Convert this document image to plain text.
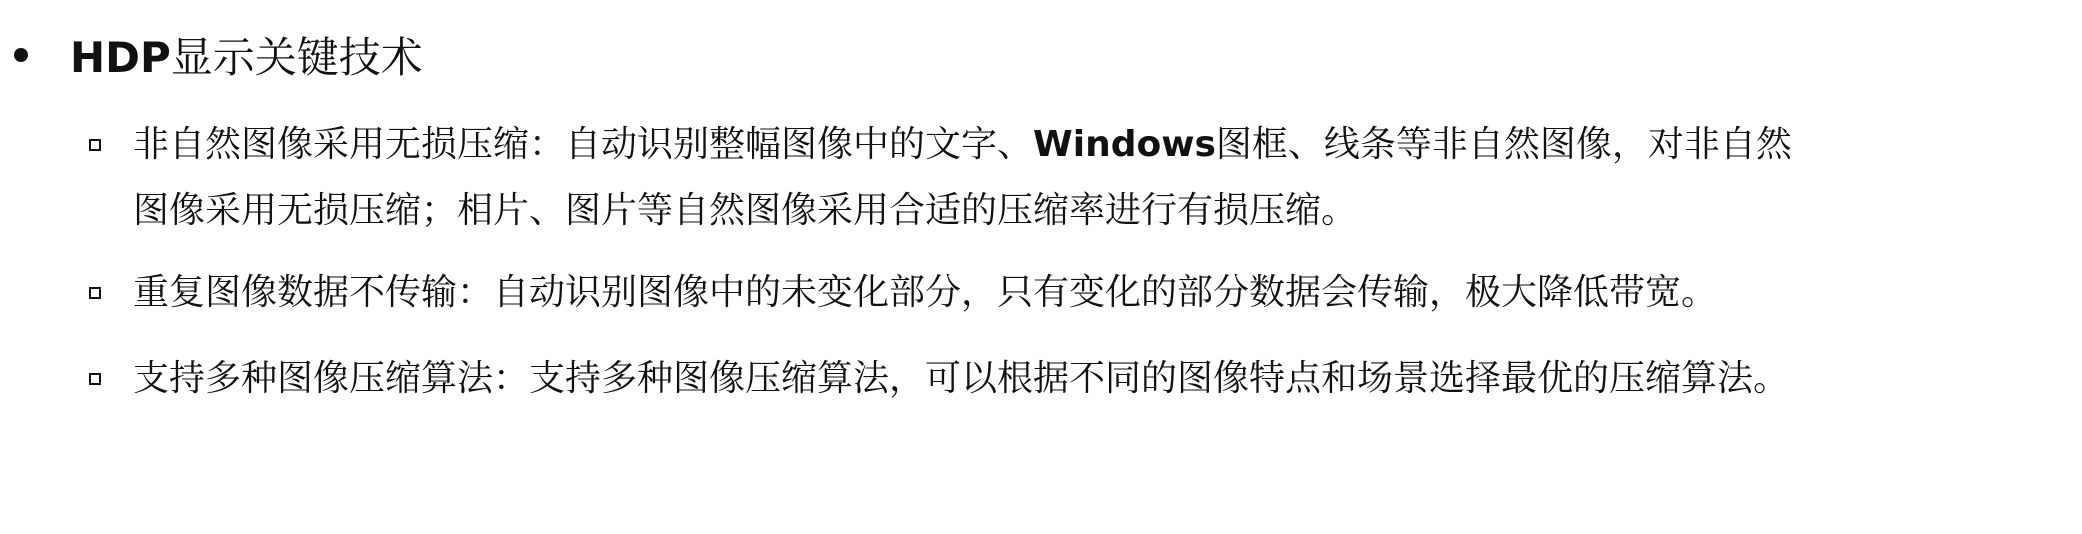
HDP显示关键技术
非自然图像采用无损压缩：自动识别整幅图像中的文字、Windows图框、线条等非自然图像，对非自然
图像采用无损压缩；相片、图片等自然图像采用合适的压缩率进行有损压缩。
重复图像数据不传输：自动识别图像中的未变化部分，只有变化的部分数据会传输，极大降低带宽。
支持多种图像压缩算法：支持多种图像压缩算法，可以根据不同的图像特点和场景选择最优的压缩算法。
